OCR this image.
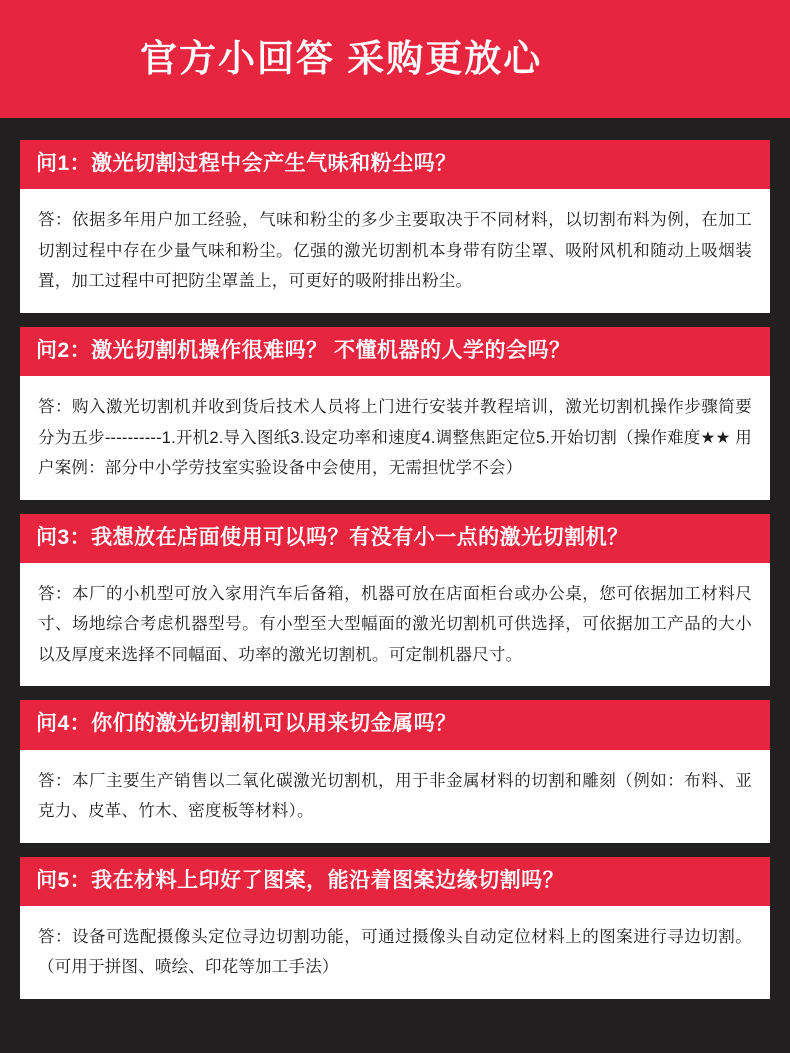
官方小回答 采购更放心
问1：激光切割过程中会产生气味和粉尘吗？
答：依据多年用户加工经验，气味和粉尘的多少主要取决于不同材料，以切割布料为例，在加工切割过程中存在少量气味和粉尘。亿强的激光切割机本身带有防尘罩、吸附风机和随动上吸烟装置，加工过程中可把防尘罩盖上，可更好的吸附排出粉尘。
问2：激光切割机操作很难吗？ 不懂机器的人学的会吗？
答：购入激光切割机并收到货后技术人员将上门进行安装并教程培训，激光切割机操作步骤简要分为五步----------1.开机2.导入图纸3.设定功率和速度4.调整焦距定位5.开始切割（操作难度★★ 用户案例：部分中小学劳技室实验设备中会使用，无需担忧学不会）
问3：我想放在店面使用可以吗？有没有小一点的激光切割机？
答：本厂的小机型可放入家用汽车后备箱，机器可放在店面柜台或办公桌，您可依据加工材料尺寸、场地综合考虑机器型号。有小型至大型幅面的激光切割机可供选择，可依据加工产品的大小以及厚度来选择不同幅面、功率的激光切割机。可定制机器尺寸。
问4：你们的激光切割机可以用来切金属吗？
答：本厂主要生产销售以二氧化碳激光切割机，用于非金属材料的切割和雕刻（例如：布料、亚克力、皮革、竹木、密度板等材料）。
问5：我在材料上印好了图案，能沿着图案边缘切割吗？
答：设备可选配摄像头定位寻边切割功能，可通过摄像头自动定位材料上的图案进行寻边切割。（可用于拼图、喷绘、印花等加工手法）
